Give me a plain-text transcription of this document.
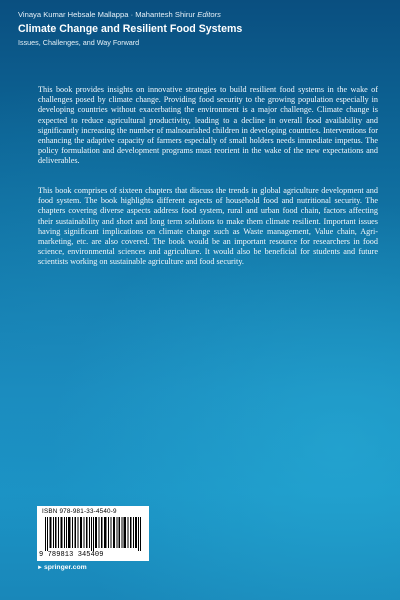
Vinaya Kumar Hebsale Mallappa · Mahantesh Shirur Editors
Climate Change and Resilient Food Systems
Issues, Challenges, and Way Forward

This book provides insights on innovative strategies to build resilient food systems in the wake of challenges posed by climate change. Providing food security to the growing population especially in developing countries without exacerbating the environment is a major challenge. Climate change is expected to reduce agricultural productivity, leading to a decline in overall food availability and significantly increasing the number of malnourished children in developing countries. Interventions for enhancing the adaptive capacity of farmers especially of small holders needs immediate impetus. The policy formulation and development programs must reorient in the wake of the new expectations and deliverables.

This book comprises of sixteen chapters that discuss the trends in global agriculture development and food system. The book highlights different aspects of household food and nutritional security. The chapters covering diverse aspects address food system, rural and urban food chain, factors affecting their sustainability and short and long term solutions to make them climate resilient. Important issues having significant implications on climate change such as Waste management, Value chain, Agri-marketing, etc. are also covered. The book would be an important resource for researchers in food science, environmental sciences and agriculture. It would also be beneficial for students and future scientists working on sustainable agriculture and food security.

ISBN 978-981-33-4540-9
9 789813 345409
►springer.com
